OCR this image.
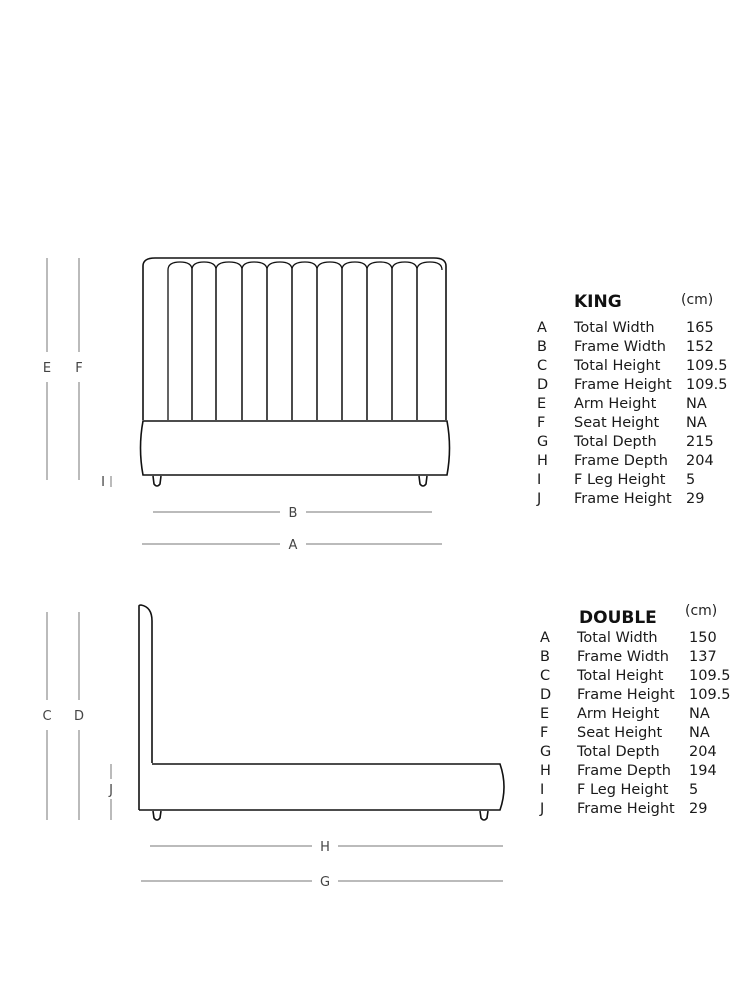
E F
I
B
A
C D
J
H
G
KING	(cm)
A Total Width 165
B Frame Width 152
C Total Height 109.5
D Frame Height 109.5
E Arm Height NA
F Seat Height NA
G Total Depth 215
H Frame Depth 204
I F Leg Height 5
J Frame Height 29
DOUBLE (cm)
A Total Width 150
B Frame Width 137
C Total Height 109.5
D Frame Height 109.5
E Arm Height NA
F Seat Height NA
G Total Depth 204
H Frame Depth 194
I F Leg Height 5
J Frame Height 29
